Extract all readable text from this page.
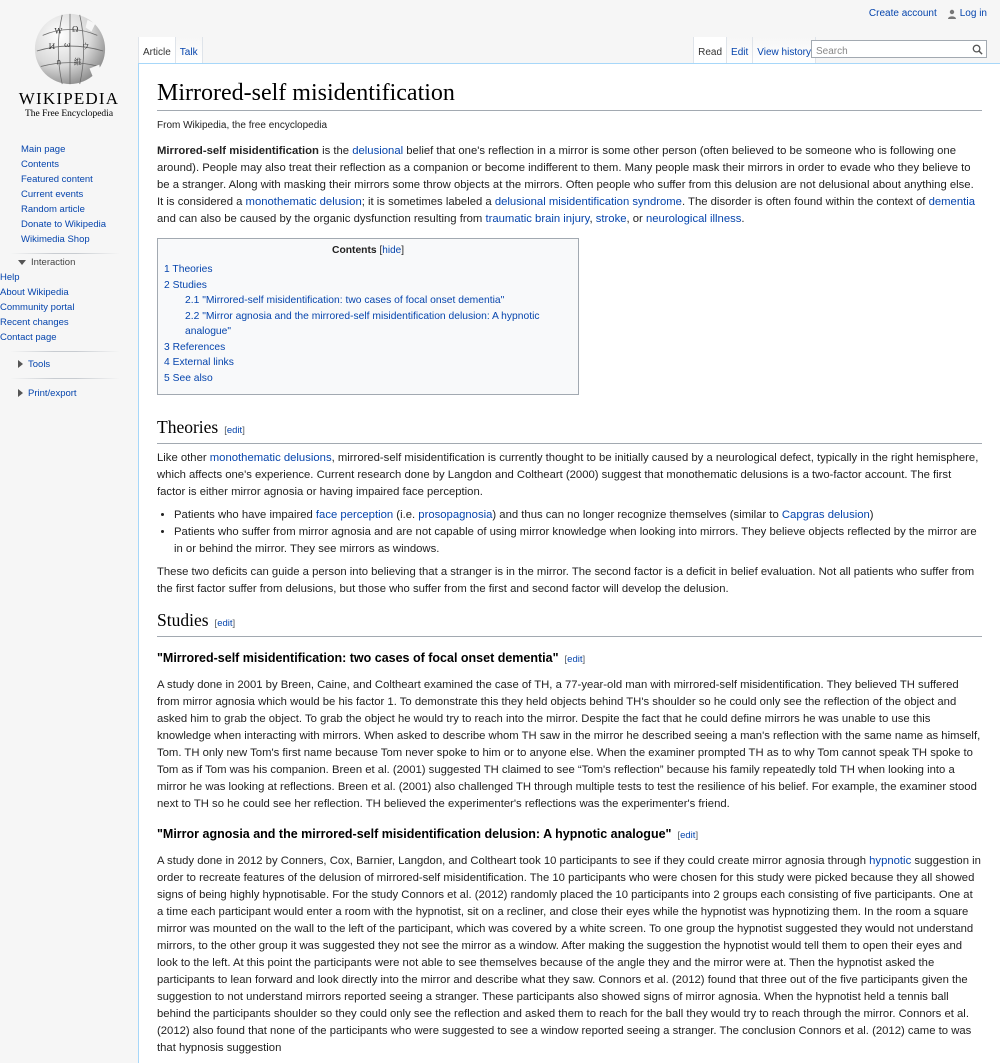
Create account Log in
W Ω
И ω ウ
ก 維
WIKIPEDIA
The Free Encyclopedia
Main page
Contents
Featured content
Current events
Random article
Donate to Wikipedia
Wikimedia Shop
Interaction
Help
About Wikipedia
Community portal
Recent changes
Contact page
Tools
Print/export
Article Talk	Read Edit View history
Search
Mirrored-self misidentification
From Wikipedia, the free encyclopedia

Mirrored-self misidentification is the delusional belief that one's reflection in a mirror is some other person (often believed to be someone who is following one around). People may also treat their reflection as a companion or become indifferent to them. Many people mask their mirrors in order to evade who they believe to be a stranger. Along with masking their mirrors some throw objects at the mirrors. Often people who suffer from this delusion are not delusional about anything else. It is considered a monothematic delusion; it is sometimes labeled a delusional misidentification syndrome. The disorder is often found within the context of dementia and can also be caused by the organic dysfunction resulting from traumatic brain injury, stroke, or neurological illness.

Contents [hide]
1 Theories
2 Studies
2.1 "Mirrored-self misidentification: two cases of focal onset dementia"
2.2 "Mirror agnosia and the mirrored-self misidentification delusion: A hypnotic analogue"
3 References
4 External links
5 See also
Theories [edit]

Like other monothematic delusions, mirrored-self misidentification is currently thought to be initially caused by a neurological defect, typically in the right hemisphere, which affects one's experience. Current research done by Langdon and Coltheart (2000) suggest that monothematic delusions is a two-factor account. The first factor is either mirror agnosia or having impaired face perception.

• Patients who have impaired face perception (i.e. prosopagnosia) and thus can no longer recognize themselves (similar to Capgras delusion)
• Patients who suffer from mirror agnosia and are not capable of using mirror knowledge when looking into mirrors. They believe objects reflected by the mirror are in or behind the mirror. They see mirrors as windows.

These two deficits can guide a person into believing that a stranger is in the mirror. The second factor is a deficit in belief evaluation. Not all patients who suffer from the first factor suffer from delusions, but those who suffer from the first and second factor will develop the delusion.

Studies [edit]
"Mirrored-self misidentification: two cases of focal onset dementia" [edit]

A study done in 2001 by Breen, Caine, and Coltheart examined the case of TH, a 77-year-old man with mirrored-self misidentification. They believed TH suffered from mirror agnosia which would be his factor 1. To demonstrate this they held objects behind TH's shoulder so he could only see the reflection of the object and asked him to grab the object. To grab the object he would try to reach into the mirror. Despite the fact that he could define mirrors he was unable to use this knowledge when interacting with mirrors. When asked to describe whom TH saw in the mirror he described seeing a man's reflection with the same name as himself, Tom. TH only new Tom's first name because Tom never spoke to him or to anyone else. When the examiner prompted TH as to why Tom cannot speak TH spoke to Tom as if Tom was his companion. Breen et al. (2001) suggested TH claimed to see “Tom's reflection” because his family repeatedly told TH when looking into a mirror he was looking at reflections. Breen et al. (2001) also challenged TH through multiple tests to test the resilience of his belief. For example, the examiner stood next to TH so he could see her reflection. TH believed the experimenter's reflections was the experimenter's friend.

"Mirror agnosia and the mirrored-self misidentification delusion: A hypnotic analogue" [edit]

A study done in 2012 by Conners, Cox, Barnier, Langdon, and Coltheart took 10 participants to see if they could create mirror agnosia through hypnotic suggestion in order to recreate features of the delusion of mirrored-self misidentification. The 10 participants who were chosen for this study were picked because they all showed signs of being highly hypnotisable. For the study Connors et al. (2012) randomly placed the 10 participants into 2 groups each consisting of five participants. One at a time each participant would enter a room with the hypnotist, sit on a recliner, and close their eyes while the hypnotist was hypnotizing them. In the room a square mirror was mounted on the wall to the left of the participant, which was covered by a white screen. To one group the hypnotist suggested they would not understand mirrors, to the other group it was suggested they not see the mirror as a window. After making the suggestion the hypnotist would tell them to open their eyes and look to the left. At this point the participants were not able to see themselves because of the angle they and the mirror were at. Then the hypnotist asked the participants to lean forward and look directly into the mirror and describe what they saw. Connors et al. (2012) found that three out of the five participants given the suggestion to not understand mirrors reported seeing a stranger. These participants also showed signs of mirror agnosia. When the hypnotist held a tennis ball behind the participants shoulder so they could only see the reflection and asked them to reach for the ball they would try to reach through the mirror. Connors et al. (2012) also found that none of the participants who were suggested to see a window reported seeing a stranger. The conclusion Connors et al. (2012) came to was that hypnosis suggestion
